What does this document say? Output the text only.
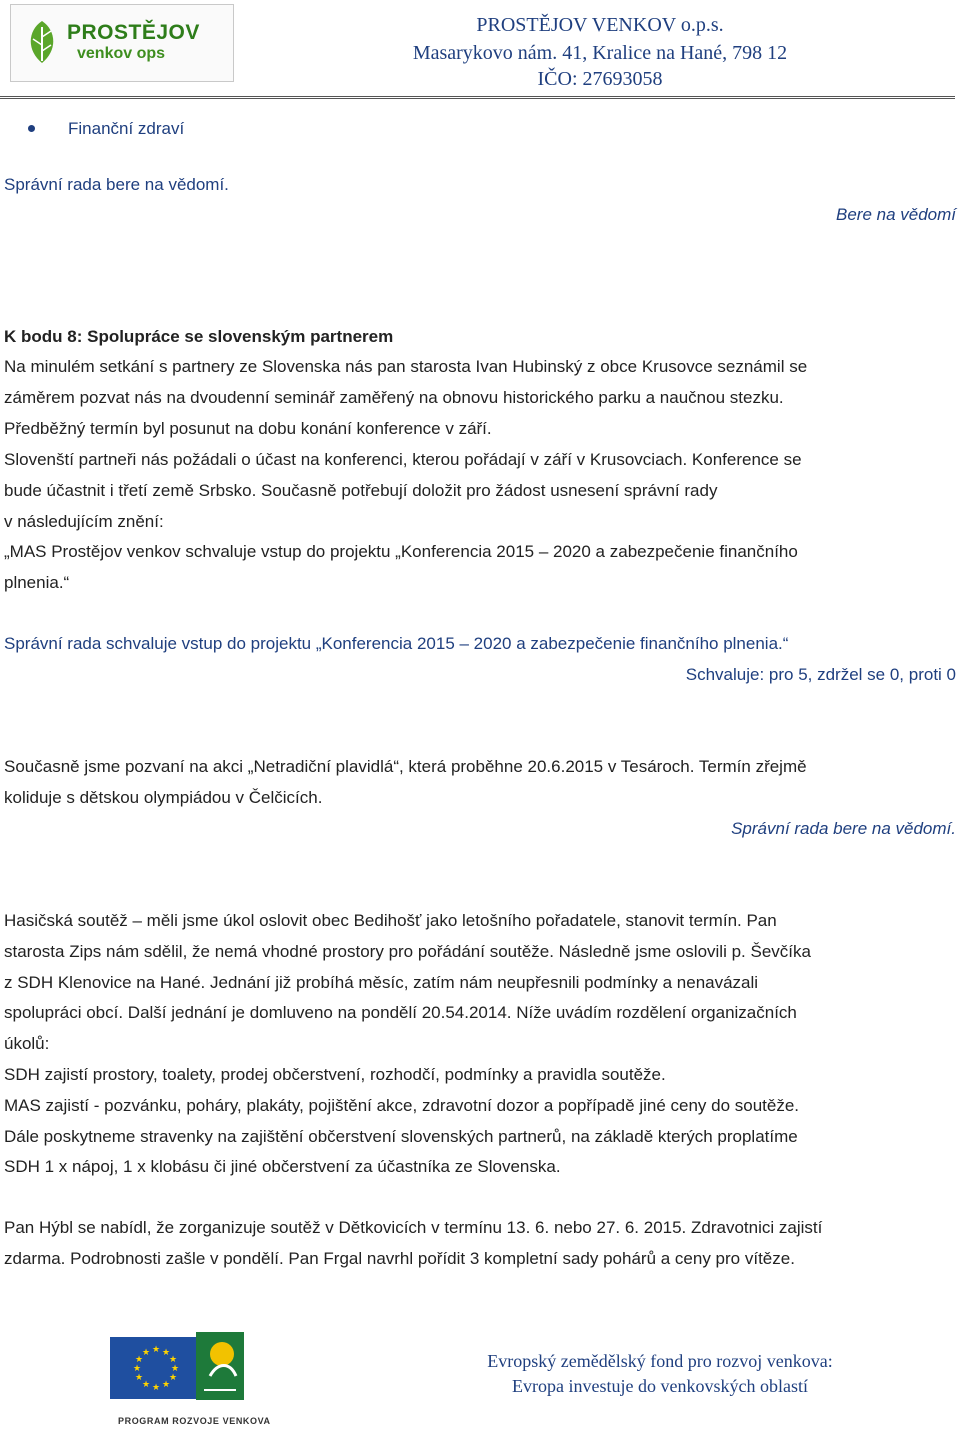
PROSTĚJOV
venkov ops
PROSTĚJOV VENKOV o.p.s.
Masarykovo nám. 41, Kralice na Hané, 798 12
IČO: 27693058
Finanční zdraví
Správní rada bere na vědomí.
Bere na vědomí
K bodu 8: Spolupráce se slovenským partnerem
Na minulém setkání s partnery ze Slovenska nás pan starosta Ivan Hubinský z obce Krusovce seznámil se
záměrem pozvat nás na dvoudenní seminář zaměřený na obnovu historického parku a naučnou stezku.
Předběžný termín byl posunut na dobu konání konference v září.
Slovenští partneři nás požádali o účast na konferenci, kterou pořádají v září v Krusovciach. Konference se
bude účastnit i třetí země Srbsko. Současně potřebují doložit pro žádost usnesení správní rady
v následujícím znění:
„MAS Prostějov venkov schvaluje vstup do projektu „Konferencia 2015 – 2020 a zabezpečenie finančního
plnenia.“
Správní rada schvaluje vstup do projektu „Konferencia 2015 – 2020 a zabezpečenie finančního plnenia.“
Schvaluje: pro 5, zdržel se 0, proti 0
Současně jsme pozvaní na akci „Netradiční plavidlá“, která proběhne 20.6.2015 v Tesároch. Termín zřejmě
koliduje s dětskou olympiádou v Čelčicích.
Správní rada bere na vědomí.
Hasičská soutěž – měli jsme úkol oslovit obec Bedihošť jako letošního pořadatele, stanovit termín. Pan
starosta Zips nám sdělil, že nemá vhodné prostory pro pořádání soutěže. Následně jsme oslovili p. Ševčíka
z SDH Klenovice na Hané. Jednání již probíhá měsíc, zatím nám neupřesnili podmínky a nenavázali
spolupráci obcí. Další jednání je domluveno na pondělí 20.54.2014. Níže uvádím rozdělení organizačních
úkolů:
SDH zajistí prostory, toalety, prodej občerstvení, rozhodčí, podmínky a pravidla soutěže.
MAS zajistí - pozvánku, poháry, plakáty, pojištění akce, zdravotní dozor a popřípadě jiné ceny do soutěže.
Dále poskytneme stravenky na zajištění občerstvení slovenských partnerů, na základě kterých proplatíme
SDH 1 x nápoj, 1 x klobásu či jiné občerstvení za účastníka ze Slovenska.
Pan Hýbl se nabídl, že zorganizuje soutěž v Dětkovicích v termínu 13. 6. nebo 27. 6. 2015. Zdravotnici zajistí
zdarma. Podrobnosti zašle v pondělí. Pan Frgal navrhl pořídit 3 kompletní sady pohárů a ceny pro vítěze.
★ ★
★
★
★
★
★
★
★
★
★
★
PROGRAM ROZVOJE VENKOVA
Evropský zemědělský fond pro rozvoj venkova:
Evropa investuje do venkovských oblastí
